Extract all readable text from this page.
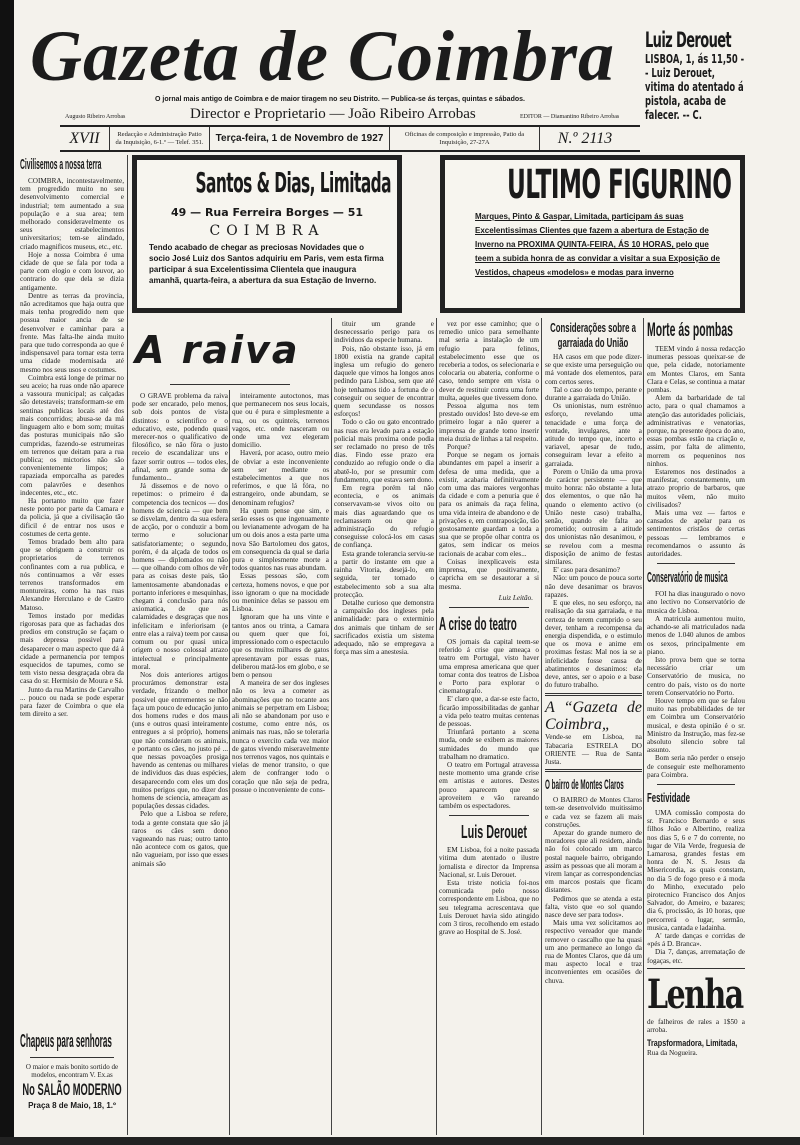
Gazeta de Coimbra
O jornal mais antigo de Coimbra e de maior tiragem no seu Distrito. — Publica-se ás terças, quintas e sábados.
Augusto Ribeiro Arrobas	Director e Proprietario — João Ribeiro Arrobas	EDITOR — Diamantino Ribeiro Arrobas
XVII	Redacção e Administração Patio da Inquisição, 6-1.º — Telef. 351.	Terça-feira, 1 de Novembro de 1927	Oficinas de composição e impressão, Patio da Inquisição, 27-27A	N.º 2113
Luiz Derouet
LISBOA, 1, ás 11,50 -- Luiz Derouet, vitima do atentado á pistola, acaba de falecer. -- C.
Santos & Dias, Limitada
49 — Rua Ferreira Borges — 51
COIMBRA
Tendo acabado de chegar as preciosas Novidades que o socio José Luiz dos Santos adquiriu em Paris, vem esta firma participar á sua Excelentissima Clientela que inaugura amanhã, quarta-feira, a abertura da sua Estação de Inverno.
ULTIMO FIGURINO
Marques, Pinto & Gaspar, Limitada, participam ás suas Excelentissimas Clientes que fazem a abertura de Estação de Inverno na PROXIMA QUINTA-FEIRA, ÁS 10 HORAS, pelo que teem a subida honra de as convidar a visitar a sua Exposição de Vestidos, chapeus «modelos» e modas para inverno
Civilisemos a nossa terra

COIMBRA, incontestavelmente, tem progredido muito no seu desenvolvimento comercial e industrial; tem aumentado a sua população e a sua area; tem melhorado consideravelmente os seus estabelecimentos universitarios; tem-se alindado, criado magnificos museus, etc., etc.

Hoje a nossa Coimbra é uma cidade de que se fala por toda a parte com elogio e com louvor, ao contrario do que dela se dizia antigamente.

Dentre as terras da provincia, não acreditamos que haja outra que mais tenha progredido nem que possua maior ancia de se desenvolver e caminhar para a frente. Mas falta-lhe ainda muito para que tudo corresponda ao que é indispensavel para tornar esta terra uma cidade modernisada até mesmo nos seus usos e costumes.

Coimbra está longe de primar no seu aceio; ha ruas onde não aparece a vassoura municipal; as calçadas são detestaveis; transformam-se em sentinas publicas locais até dos mais concorridos; abusa-se da má linguagem alto e bom som; muitas das posturas municipais não são cumpridas, fazendo-se estrumeiras em terrenos que deitam para a rua publica; os mictorios não são convenientemente limpos; a rapaziada emporcalha as paredes com palavrões e desenhos indecentes, etc., etc.

Ha portanto muito que fazer neste ponto por parte da Camara e da policia, já que a civilisação tão dificil é de entrar nos usos e costumes de certa gente.

Temos bradado bem alto para que se obriguem a construir os proprietarios de terrenos confinantes com a rua publica, e nós continuamos a vêr esses terrenos transformados em montureiras, como ha nas ruas Alexandre Herculano e de Castro Matoso.

Temos instado por medidas rigorosas para que as fachadas dos predios em construção se façam o mais depressa possivel para desaparecer o mau aspecto que dá á cidade a permanencia por tempos esquecidos de tapumes, como se tem visto nessa desgraçada obra da casa do sr. Hermisio de Moura e Sá.

Junto da rua Martins de Carvalho ... pouco ou nada se pode esperar para fazer de Coimbra o que ela tem direito a ser.

Chapeus para senhoras
O maior e mais bonito sortido de modelos, encontram V. Ex.as
No SALÃO MODERNO
Praça 8 de Maio, 18, 1.º
A raiva

O GRAVE problema da raiva pode ser encarado, pelo menos, sob dois pontos de vista distintos: o scientifico e o educativo, este, podendo quasi merecer-nos o qualificativo de filosófico, se não fôra o justo receio de escandalizar uns e fazer sorrir outros — todos eles, afinal, sem grande soma de fundamento...

Já dissemos e de novo o repetimos: o primeiro é da competencia dos tecnicos — dos homens de sciencia — que bem se disvelam, dentro da sua esfera de acção, por o conduzir a bom termo e solucionar satisfatoriamente; o segundo, porém, é da alçada de todos os homens — diplomados ou não — que olhando com olhos de vêr para as coisas deste pais, tão lamentosamente abandonadas e portanto inferiores e mesquinhas, chegam á conclusão para nós axiomatica, de que as calamidades e desgraças que nos infelicitam e inferiorisam (e entre elas a raiva) teem por causa comum ou por quasi unica origem o nosso colossal atrazo intelectual e principalmente moral.

Nos dois anteriores artigos procurámos demonstrar esta verdade, frizando o melhor possivel que entrementes se não faça um pouco de educação junto dos homens rudes e dos maus (uns e outros quasi inteiramente entregues a si próprio), homens que não consideram os animais, e portanto os cães, no justo pé ... que nessas povoações prosiga havendo as centenas ou milhares de individuos das duas espécies, desaparecendo com eles um dos muitos perigos que, no dizer dos homens de sciencia, ameaçam as populações dessas cidades.

Pelo que a Lisboa se refere, toda a gente constata que são já raros os cães sem dono vagueando nas ruas; outro tanto não acontece com os gatos, que não vagueiam, por isso que esses animais são

inteiramente autoctonos, mas que permanecem nos seus locais, que ou é pura e simplesmente a rua, ou os quinteis, terrenos vagos, etc. onde nasceram ou onde uma vez elegeram domicilio.

Haverá, por acaso, outro meio de obviar a este inconveniente sem ser mediante os estabelecimentos a que nos referimos, e que lá fóra, no estrangeiro, onde abundam, se denominam refugios?

Ha quem pense que sim, e serão esses os que ingenuamente ou levianamente advogam de ha um ou dois anos a esta parte uma nova São Bartolomeu dos gatos, em consequencia da qual se daria pura e simplesmente morte a todos quantos nas ruas abundam.

Essas pessoas são, com certeza, homens novos, e que por isso ignoram o que na mocidade ou meninice delas se passou em Lisboa.

Ignoram que ha uns vinte e tantos anos ou trinta, a Camara ou quem quer que foi, impressionado com o espectaculo que os muitos milhares de gatos apresentavam por essas ruas, deliberou matá-los em globo, e se bem o pensou

A maneira de ser dos ingleses não os leva a cometer as abominações que no tocante aos animais se perpetram em Lisboa; ali não se abandonam por uso e costume, como entre nós, os animais nas ruas, não se toleraria nunca o exercito cada vez maior de gatos vivendo miseravelmente nos terrenos vagos, nos quintais e vielas de menor transito, o que alem de confranger todo o coração que não seja de pedra, possue o inconveniente de cons-

tituir um grande e desnecessario perigo para os individuos da especie humana.

Pois, não obstante isso, já em 1800 existia na grande capital inglesa um refugio do genero daquele que vimos ha longos anos pedindo para Lisboa, sem que até hoje tenhamos tido a fortuna de o conseguir ou sequer de encontrar quem secundasse os nossos esforços!

Todo o cão ou gato encontrado nas ruas era levado para a estação policial mais proxima onde podia ser reclamado no preso de três dias. Findo esse prazo era conduzido ao refugio onde o dia abatê-lo, por se presumir com fundamento, que estava sem dono.

Em regra porém tal não econtecia, e os animais conservavam-se vivos oito ou mais dias aguardando que os reclamassem ou que a administração do refugio conseguisse colocá-los em casas de confiança.

Esta grande tolerancia serviu-se a partir do instante em que a rainha Vitoria, desejá-lo, em seguida, ter tomado o estabelecimento sob a sua alta protecção.

Detalhe curioso que demonstra a campaixão dos ingleses pela animalidade: para o exterminio dos animais que tinham de ser sacrificados existia um sistema adequado, não se empregava a força mas sim a anestesia.

vez por esse caminho; que o remedio unico para semelhante mal seria a instalação de um refugio para felinos, estabelecimento esse que os receberia a todos, os selecionaria e colocaria ou abateria, conforme o caso, tendo sempre em vista o dever de restituir contra uma forte multa, aqueles que tivessem dono.

Pessoa alguma nos tem prestado ouvidos! Isto deve-se em primeiro logar a não querer a imprensa de grande tomo inserir meia duzia de linhas a tal respeito.

Porque?

Porque se negam os jornais abundantes em papel a inserir a defesa de uma medida, que a existir, acabaria definitivamente com uma das maiores vergonhas da cidade e com a penuria que é para os animais da raça felina, uma vida inteira de abandono e de privações e, em contraposição, tão gostosamente guardam a toda a sua que se propõe olhar contra os gatos, sem indicar os meios racionais de acabar com eles...

Coisas inexplicaveis esta imprensa, que positivamente, caprichа em se desautorar a si mesma.

Luiz Leitão.
A crise do teatro

OS jornais da capital teem-se referido á crise que ameaça o teatro em Portugal, visto haver uma empresa americana que quer tomar conta dos teatros de Lisboa e Porto para explorar o cinematografo.

E' claro que, a dar-se este facto, ficarão impossibilitadas de ganhar a vida pelo teatro muitas centenas de pessoas.

Triunfará portanto a scena muda, onde se exibem as maiores sumidades do mundo que trabalham no dramatico.

O teatro em Portugal atravessa neste momento uma grande crise em artistas e autores. Destes pouco aparecem que se aproveitem e vão rareando também os espectadores.

Luis Derouet

EM Lisboa, foi a noite passada vitima dum atentado o ilustre jornalista e director da Imprensa Nacional, sr. Luis Derouet.

Esta triste noticia foi-nos comunicada pelo nosso correspondente em Lisboa, que no seu telegrama acrescentava que Luis Derouet havia sido atingido com 3 tiros, recolhendo em estado grave ao Hospital de S. José.

Considerações sobre a garraiada do União

HA casos em que pode dizer-se que existe uma perseguição ou má vontade dos elementos, para com certos seres.

Tal o caso do tempo, perante e durante a garraiada do União.

Os unionistas, num estrénuo esforço, revelando uma tenacidade e uma força de vontade, invulgares, ante a atitude do tempo que, incerto e variavel, apesar de tudo, conseguiram levar a efeito a garraiada.

Porem o União da uma prova de carácter persistente — que muito honra: não obstante a luta dos elementos, o que não ha quando o elemento activo (o União neste caso) trabalha, senão, quando ele falta ao prometido; outrosim a atitude dos unionistas não desanimou, e se revelou com a mesma disposição de animo de festas similares.

E' caso para desanimo?

Não: um pouco de pouca sorte não deve desanimar os bravos rapazes.

E que eles, no seu esforço, na realisação da sua garraiada, e na certeza de terem cumprido o seu dever, tenham a recompensa da energia dispendida, e o estimulo que os mova e anime em proximas festas: Mal nos ia se a infelicidade fosse causa de abatimentos e desanimos: ela deve, antes, ser o apoio e a base do futuro trabalho.

A “Gazeta de Coimbra„
Vende-se em Lisboa, na Tabacaria ESTRELA DO ORIENTE — Rua de Santa Justa.
O bairro de Montes Claros

O BAIRRO de Montes Claros tem-se desenvolvido muitissimo e cada vez se fazem ali mais construções.

Apezar do grande numero de moradores que ali residem, ainda não foi colocado um marco postal naquele bairro, obrigando assim as pessoas que ali moram a virem lançar as correspondencias em marcos postais que ficam distantes.

Pedimos que se atenda a esta falta, visto que «o sol quando nasce deve ser para todos».

Mais uma vez solicitamos ao respectivo vereador que mande remover o cascalho que ha quasi um ano permanece ao longo da rua de Montes Claros, que dá um mau aspecto local e traz inconvenientes em ocasiões de chuva.

Morte ás pombas

TEEM vindo á nossa redacção inumeras pessoas queixar-se de que, pela cidade, notoriamente em Montes Claros, em Santa Clara e Celas, se continua a matar pombas.

Alem da barbaridade de tal acto, para o qual chamamos a atenção das autoridades policiais, administrativas e venatorias, porque, na presente época do ano, essas pombas estão na criação e, assim, por falta de alimento, morrem os pequeninos nos ninhos.

Estaremos nos destinados a manifestar, constantemente, um atrazo proprio de barbaros, que muitos vêem, não muito civilisados?

Mais uma vez — fartos e cansados de apelar para os sentimentos cristãos de certas pessoas — lembramos e recomendamos o assunto ás autoridades.

Conservatório de musica

FOI ha dias inaugurado o novo ano lectivo no Conservatório de musica de Lisboa.

A matricula aumentou muito, achando-se ali matriculados nada menos de 1.040 alunos de ambos os sexos, principalmente em piano.

Isto prova bem que se torna necessário criar um Conservatório de musica, no centro do país, visto os do norte terem Conservatório no Porto.

Houve tempo em que se falou muito nas probabilidades de ter em Coimbra um Conservatório musical, e desta opinião é o sr. Ministro da Instrução, mas fez-se absoluto silencio sobre tal assunto.

Bom seria não perder o ensejo de conseguir este melhoramento para Coimbra.

Festividade

UMA comissão composta do sr. Francisco Bernardo e seus filhos João e Albertino, realiza nos dias 5, 6 e 7 do corrente, no lugar de Vila Verde, freguesia de Lamarosa, grandes festas em honra de N. S. Jesus da Misericordia, as quais constam, no dia 5 de fogo preso e á moda do Minho, executado pelo pirotecnico Francisco dos Anjos Salvador, do Ameiro, e bazares; dia 6, procissão, ás 10 horas, que percorrerá o lugar, sermão, musica, cantada e ladainha.

A' tarde danças e corridas de «pés á D. Branca».

Dia 7, danças, arrematação de fogaças, etc.

Lenha
de falheiros de rales a 1$50 a arroba.
Trapsformadora, Limitada,
Rua da Nogueira.
